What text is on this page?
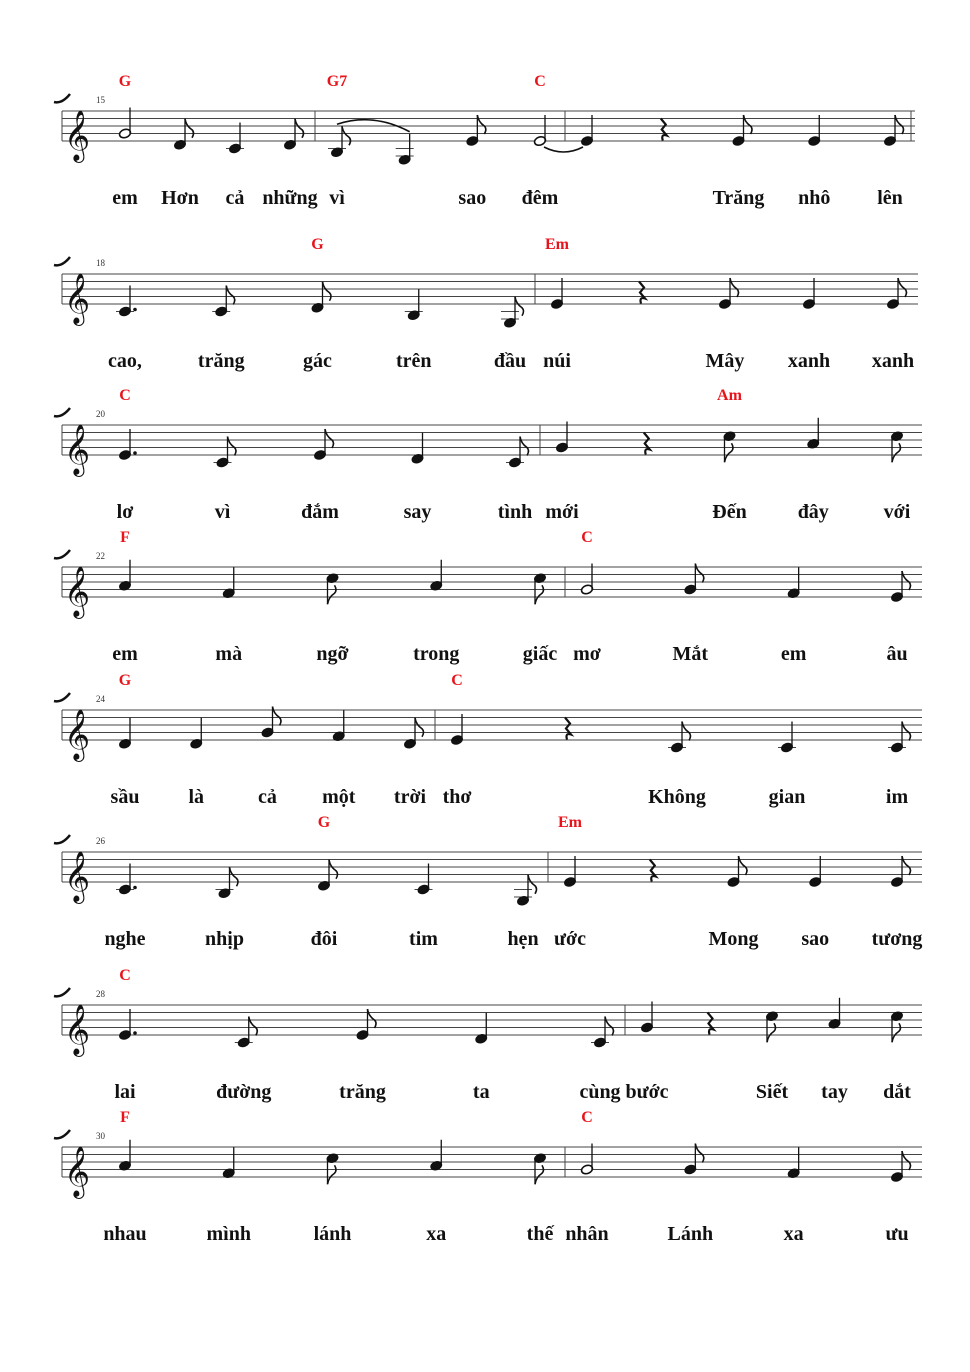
𝄞
15
em
G
Hơn cả những vì
G7
sao đêm
C
Trăng nhô lên
𝄞
18
cao,	trăng	gác
G
trên	đầu núi
Em
Mây xanh xanh
𝄞
20
lơ
C
vì	đắm	say	tình mới	Đến
Am
đây	với
𝄞
22
em
F
mà	ngỡ	trong	giấc mơ
C
Mắt	em	âu
𝄞
24
sầu
G
là	cả một trời thơ
C
Không	gian	im
𝄞
26
nghe	nhịp	đôi
G
tim	hẹn ước
Em
Mong sao tương
𝄞
28
lai
C
đường	trăng	ta	cùng bước	Siết tay dắt
𝄞
30
nhau
F
mình	lánh	xa	thế nhân
C
Lánh	xa	ưu
